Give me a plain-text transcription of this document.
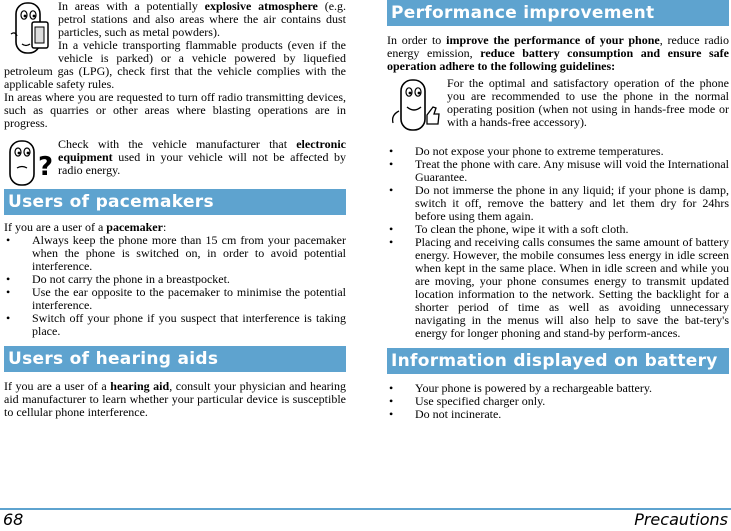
In areas with a potentially explosive atmosphere (e.g. petrol stations and also areas where the air contains dust particles, such as metal powders).

In a vehicle transporting flammable products (even if the vehicle is parked) or a vehicle powered by liquefied petroleum gas (LPG), check first that the vehicle complies with the applicable safety rules.

In areas where you are requested to turn off radio transmitting devices, such as quarries or other areas where blasting operations are in progress.

?

Check with the vehicle manufacturer that electronic equipment used in your vehicle will not be affected by radio energy.

Users of pacemakers

If you are a user of a pacemaker:

• Always keep the phone more than 15 cm from your pacemaker when the phone is switched on, in order to avoid potential interference.
• Do not carry the phone in a breastpocket.
• Use the ear opposite to the pacemaker to minimise the potential interference.
• Switch off your phone if you suspect that interference is taking place.
Users of hearing aids

If you are a user of a hearing aid, consult your physician and hearing aid manufacturer to learn whether your particular device is susceptible to cellular phone interference.

Performance improvement

In order to improve the performance of your phone, reduce radio energy emission, reduce battery consumption and ensure safe operation adhere to the following guidelines:

For the optimal and satisfactory operation of the phone you are recommended to use the phone in the normal operating position (when not using in hands-free mode or with a hands-free accessory).

• Do not expose your phone to extreme temperatures.
• Treat the phone with care. Any misuse will void the International Guarantee.
• Do not immerse the phone in any liquid; if your phone is damp, switch it off, remove the battery and let them dry for 24hrs before using them again.
• To clean the phone, wipe it with a soft cloth.
• Placing and receiving calls consumes the same amount of battery energy. However, the mobile consumes less energy in idle screen when kept in the same place. When in idle screen and while you are moving, your phone consumes energy to transmit updated location information to the network. Setting the backlight for a shorter period of time as well as avoiding unnecessary navigating in the menus will also help to save the bat-tery's energy for longer phoning and stand-by perform-ances.
Information displayed on battery
• Your phone is powered by a rechargeable battery.
• Use specified charger only.
• Do not incinerate.
68	Precautions
